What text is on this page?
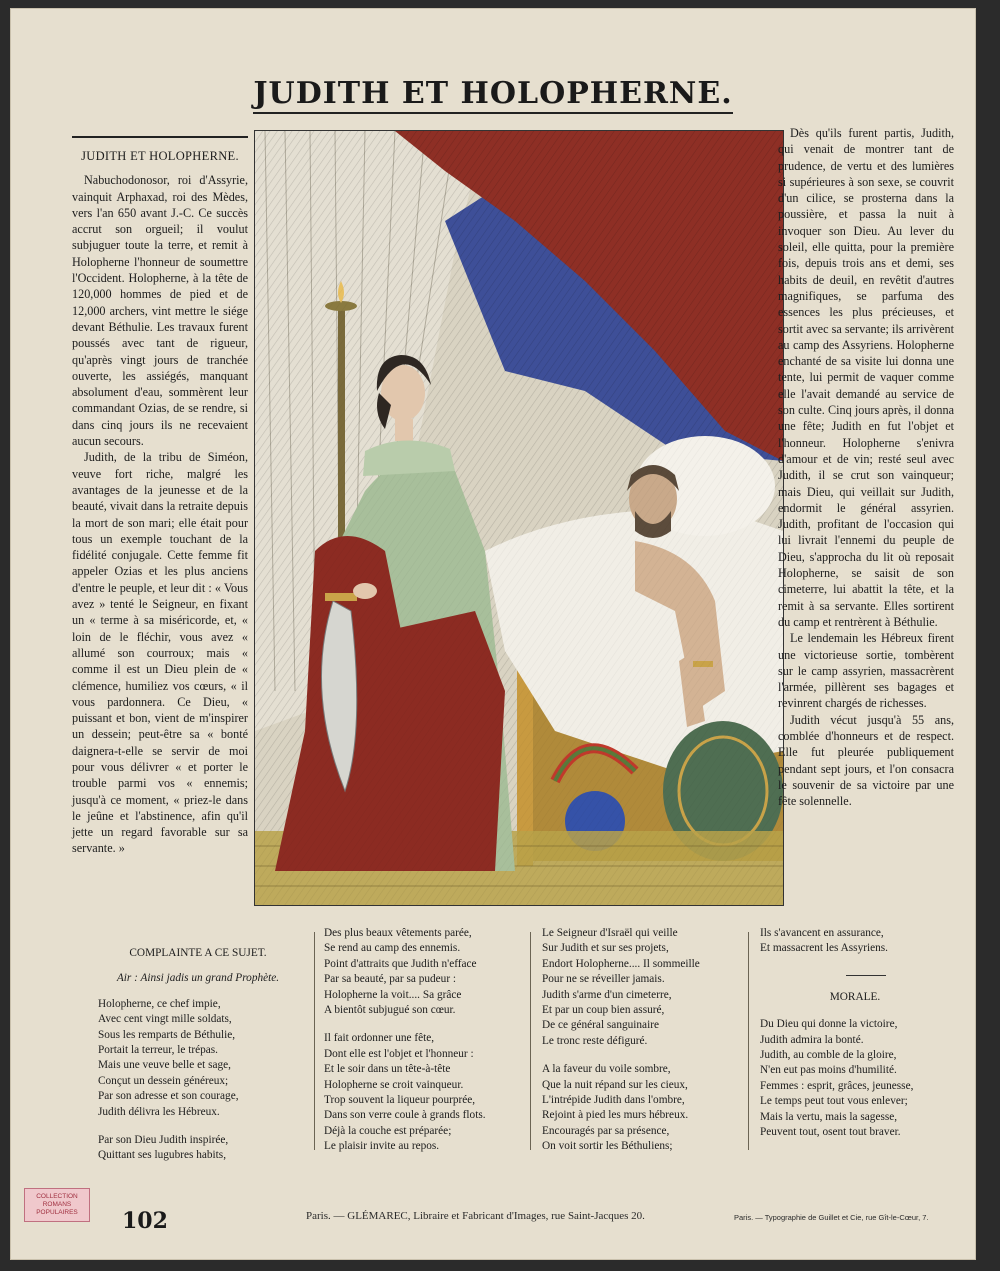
JUDITH ET HOLOPHERNE.
JUDITH ET HOLOPHERNE.

Nabuchodonosor, roi d'Assyrie, vainquit Arphaxad, roi des Mèdes, vers l'an 650 avant J.-C. Ce succès accrut son orgueil; il voulut subjuguer toute la terre, et remit à Holopherne l'honneur de soumettre l'Occident. Holopherne, à la tête de 120,000 hommes de pied et de 12,000 archers, vint mettre le siége devant Béthulie. Les travaux furent poussés avec tant de rigueur, qu'après vingt jours de tranchée ouverte, les assiégés, manquant absolument d'eau, sommèrent leur commandant Ozias, de se rendre, si dans cinq jours ils ne recevaient aucun secours.

Judith, de la tribu de Siméon, veuve fort riche, malgré les avantages de la jeunesse et de la beauté, vivait dans la retraite depuis la mort de son mari; elle était pour tous un exemple touchant de la fidélité conjugale. Cette femme fit appeler Ozias et les plus anciens d'entre le peuple, et leur dit : « Vous avez » tenté le Seigneur, en fixant un « terme à sa miséricorde, et, « loin de le fléchir, vous avez « allumé son courroux; mais « comme il est un Dieu plein de « clémence, humiliez vos cœurs, « il vous pardonnera. Ce Dieu, « puissant et bon, vient de m'inspirer un dessein; peut-être sa « bonté daignera-t-elle se servir de moi pour vous délivrer « et porter le trouble parmi vos « ennemis; jusqu'à ce moment, « priez-le dans le jeûne et l'abstinence, afin qu'il jette un regard favorable sur sa servante. »

Dès qu'ils furent partis, Judith, qui venait de montrer tant de prudence, de vertu et des lumières si supérieures à son sexe, se couvrit d'un cilice, se prosterna dans la poussière, et passa la nuit à invoquer son Dieu. Au lever du soleil, elle quitta, pour la première fois, depuis trois ans et demi, ses habits de deuil, en revêtit d'autres magnifiques, se parfuma des essences les plus précieuses, et sortit avec sa servante; ils arrivèrent au camp des Assyriens. Holopherne enchanté de sa visite lui donna une tente, lui permit de vaquer comme elle l'avait demandé au service de son culte. Cinq jours après, il donna une fête; Judith en fut l'objet et l'honneur. Holopherne s'enivra d'amour et de vin; resté seul avec Judith, il se crut son vainqueur; mais Dieu, qui veillait sur Judith, endormit le général assyrien. Judith, profitant de l'occasion qui lui livrait l'ennemi du peuple de Dieu, s'approcha du lit où reposait Holopherne, se saisit de son cimeterre, lui abattit la tête, et la remit à sa servante. Elles sortirent du camp et rentrèrent à Béthulie.

Le lendemain les Hébreux firent une victorieuse sortie, tombèrent sur le camp assyrien, massacrèrent l'armée, pillèrent ses bagages et revinrent chargés de richesses.

Judith vécut jusqu'à 55 ans, comblée d'honneurs et de respect. Elle fut pleurée publiquement pendant sept jours, et l'on consacra le souvenir de sa victoire par une fête solennelle.

COMPLAINTE A CE SUJET.
Air : Ainsi jadis un grand Prophète.
Holopherne, ce chef impie,
Avec cent vingt mille soldats,
Sous les remparts de Béthulie,
Portait la terreur, le trépas.
Mais une veuve belle et sage,
Conçut un dessein généreux;
Par son adresse et son courage,
Judith délivra les Hébreux.
Par son Dieu Judith inspirée,
Quittant ses lugubres habits,
Des plus beaux vêtements parée,
Se rend au camp des ennemis.
Point d'attraits que Judith n'efface
Par sa beauté, par sa pudeur :
Holopherne la voit.... Sa grâce
A bientôt subjugué son cœur.
Il fait ordonner une fête,
Dont elle est l'objet et l'honneur :
Et le soir dans un tête-à-tête
Holopherne se croit vainqueur.
Trop souvent la liqueur pourprée,
Dans son verre coule à grands flots.
Déjà la couche est préparée;
Le plaisir invite au repos.
Le Seigneur d'Israël qui veille
Sur Judith et sur ses projets,
Endort Holopherne.... Il sommeille
Pour ne se réveiller jamais.
Judith s'arme d'un cimeterre,
Et par un coup bien assuré,
De ce général sanguinaire
Le tronc reste défiguré.
A la faveur du voile sombre,
Que la nuit répand sur les cieux,
L'intrépide Judith dans l'ombre,
Rejoint à pied les murs hébreux.
Encouragés par sa présence,
On voit sortir les Béthuliens;
Ils s'avancent en assurance,
Et massacrent les Assyriens.
MORALE.
Du Dieu qui donne la victoire,
Judith admira la bonté.
Judith, au comble de la gloire,
N'en eut pas moins d'humilité.
Femmes : esprit, grâces, jeunesse,
Le temps peut tout vous enlever;
Mais la vertu, mais la sagesse,
Peuvent tout, osent tout braver.
COLLECTION ROMANS POPULAIRES	102	Paris. — GLÉMAREC, Libraire et Fabricant d'Images, rue Saint-Jacques 20.	Paris. — Typographie de Guillet et Cie, rue Gît-le-Cœur, 7.
